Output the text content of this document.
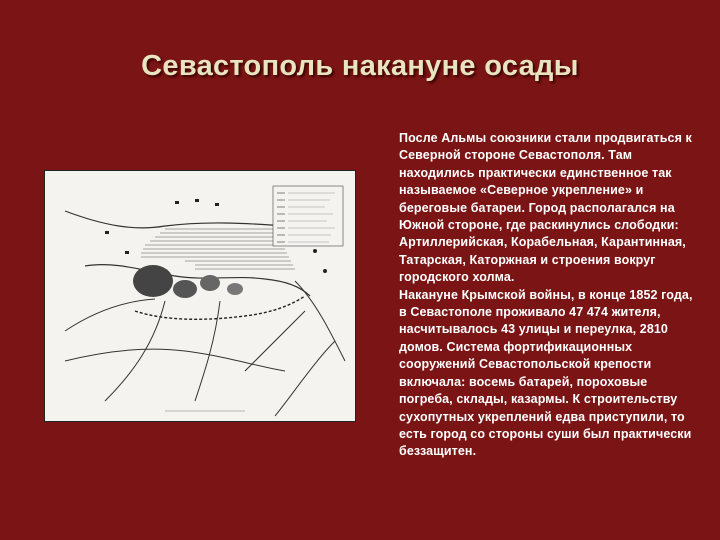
Севастополь накануне осады

После Альмы союзники стали продвигаться к Северной стороне Севастополя. Там находились практически единственное так называемое «Северное укрепление» и береговые батареи. Город располагался на Южной стороне, где раскинулись слободки: Артиллерийская, Корабельная, Карантинная, Татарская, Каторжная и строения вокруг городского холма.

Накануне Крымской войны, в конце 1852 года, в Севастополе проживало 47 474 жителя, насчитывалось 43 улицы и переулка, 2810 домов. Система фортификационных сооружений Севастопольской крепости включала: восемь батарей, пороховые погреба, склады, казармы. К строительству сухопутных укреплений едва приступили, то есть город со стороны суши был практически беззащитен.
